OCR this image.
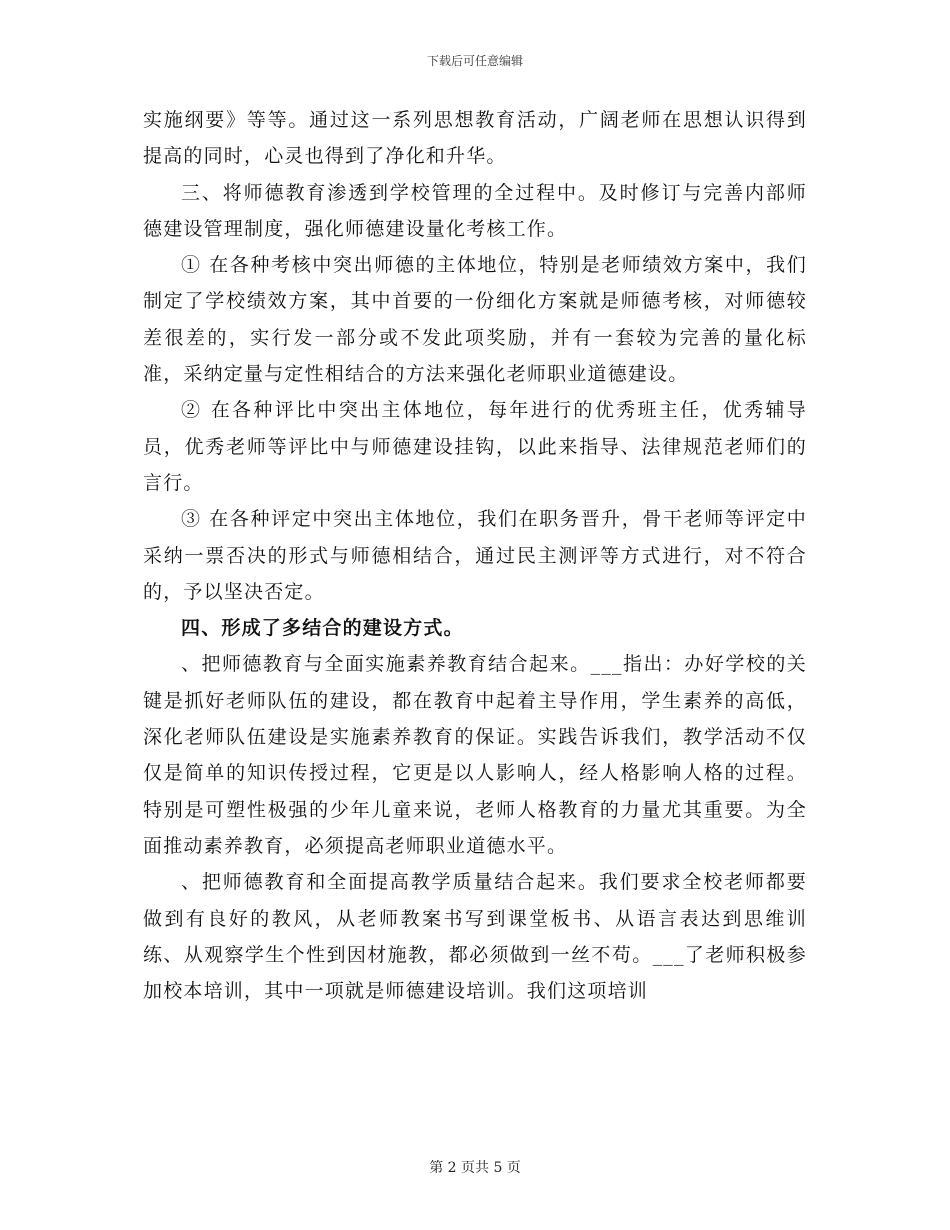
下载后可任意编辑

实施纲要》等等。通过这一系列思想教育活动，广阔老师在思想认识得到提高的同时，心灵也得到了净化和升华。

三、将师德教育渗透到学校管理的全过程中。及时修订与完善内部师德建设管理制度，强化师德建设量化考核工作。

① 在各种考核中突出师德的主体地位，特别是老师绩效方案中，我们制定了学校绩效方案，其中首要的一份细化方案就是师德考核，对师德较差很差的，实行发一部分或不发此项奖励，并有一套较为完善的量化标准，采纳定量与定性相结合的方法来强化老师职业道德建设。

② 在各种评比中突出主体地位，每年进行的优秀班主任，优秀辅导员，优秀老师等评比中与师德建设挂钩，以此来指导、法律规范老师们的言行。

③ 在各种评定中突出主体地位，我们在职务晋升，骨干老师等评定中采纳一票否决的形式与师德相结合，通过民主测评等方式进行，对不符合的，予以坚决否定。

四、形成了多结合的建设方式。

、把师德教育与全面实施素养教育结合起来。___指出：办好学校的关键是抓好老师队伍的建设，都在教育中起着主导作用，学生素养的高低，深化老师队伍建设是实施素养教育的保证。实践告诉我们，教学活动不仅仅是简单的知识传授过程，它更是以人影响人，经人格影响人格的过程。特别是可塑性极强的少年儿童来说，老师人格教育的力量尤其重要。为全面推动素养教育，必须提高老师职业道德水平。

、把师德教育和全面提高教学质量结合起来。我们要求全校老师都要做到有良好的教风，从老师教案书写到课堂板书、从语言表达到思维训练、从观察学生个性到因材施教，都必须做到一丝不苟。___了老师积极参加校本培训，其中一项就是师德建设培训。我们这项培训

第 2 页共 5 页
